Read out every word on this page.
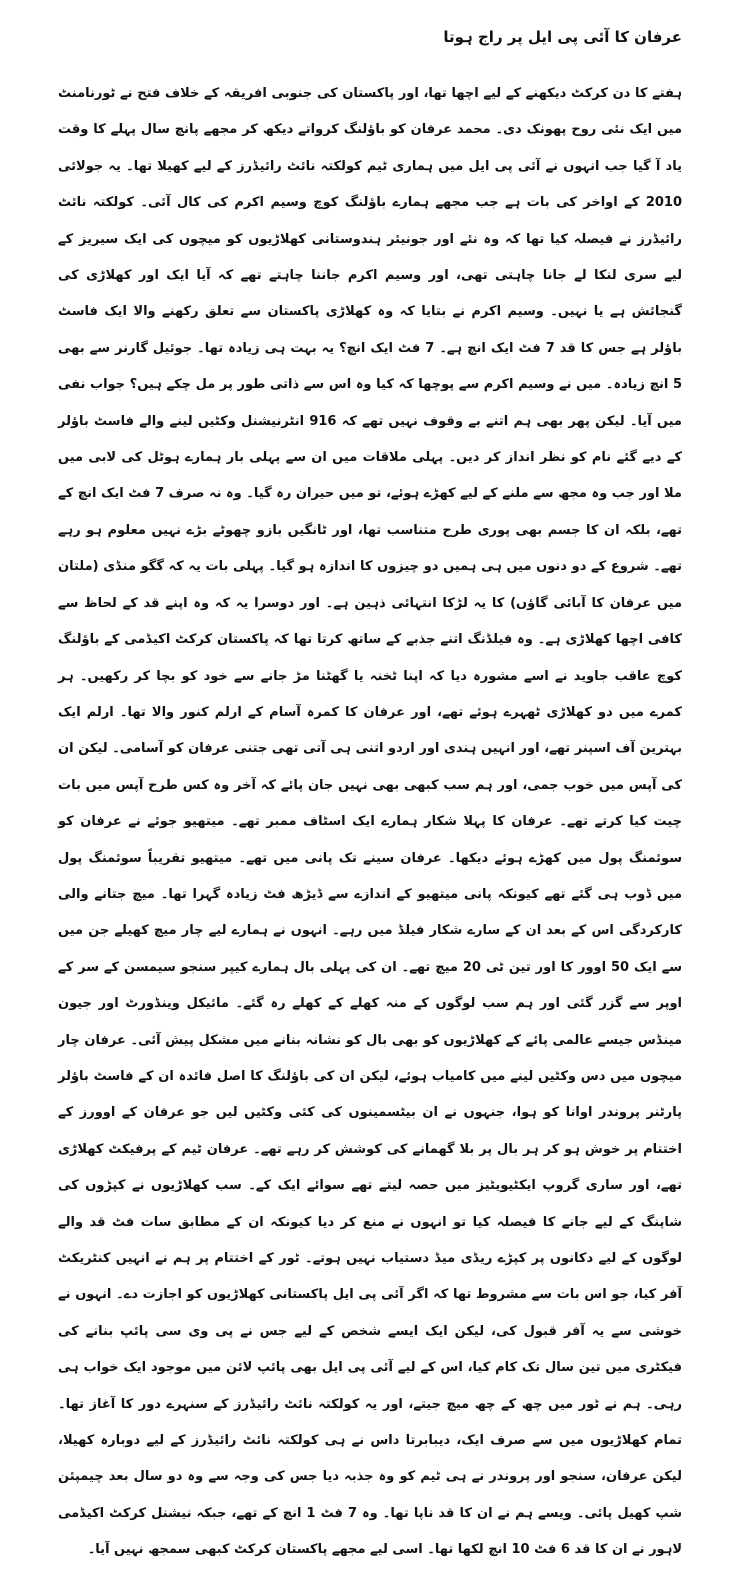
عرفان کا آئی پی ایل پر راج ہوتا

ہفتے کا دن کرکٹ دیکھنے کے لیے اچھا تھا، اور پاکستان کی جنوبی افریقہ کے خلاف فتح نے ٹورنامنٹ میں ایک نئی روح پھونک دی۔ محمد عرفان کو باؤلنگ کرواتے دیکھ کر مجھے پانچ سال پہلے کا وقت یاد آ گیا جب انہوں نے آئی پی ایل میں ہماری ٹیم کولکتہ نائٹ رائیڈرز کے لیے کھیلا تھا۔ یہ جولائی 2010 کے اواخر کی بات ہے جب مجھے ہمارے باؤلنگ کوچ وسیم اکرم کی کال آئی۔ کولکتہ نائٹ رائیڈرز نے فیصلہ کیا تھا کہ وہ نئے اور جونیئر ہندوستانی کھلاڑیوں کو میچوں کی ایک سیریز کے لیے سری لنکا لے جانا چاہتی تھی، اور وسیم اکرم جاننا چاہتے تھے کہ آیا ایک اور کھلاڑی کی گنجائش ہے یا نہیں۔ وسیم اکرم نے بتایا کہ وہ کھلاڑی پاکستان سے تعلق رکھنے والا ایک فاسٹ باؤلر ہے جس کا قد 7 فٹ ایک انچ ہے۔ 7 فٹ ایک انچ؟ یہ بہت ہی زیادہ تھا۔ جوئیل گارنر سے بھی 5 انچ زیادہ۔ میں نے وسیم اکرم سے پوچھا کہ کیا وہ اس سے ذاتی طور پر مل چکے ہیں؟ جواب نفی میں آیا۔ لیکن پھر بھی ہم اتنے بے وقوف نہیں تھے کہ 916 انٹرنیشنل وکٹیں لینے والے فاسٹ باؤلر کے دیے گئے نام کو نظر انداز کر دیں۔ پہلی ملاقات میں ان سے پہلی بار ہمارے ہوٹل کی لابی میں ملا اور جب وہ مجھ سے ملنے کے لیے کھڑے ہوئے، تو میں حیران رہ گیا۔ وہ نہ صرف 7 فٹ ایک انچ کے تھے، بلکہ ان کا جسم بھی پوری طرح متناسب تھا، اور ٹانگیں بازو چھوٹے بڑے نہیں معلوم ہو رہے تھے۔ شروع کے دو دنوں میں ہی ہمیں دو چیزوں کا اندازہ ہو گیا۔ پہلی بات یہ کہ گگو منڈی (ملتان میں عرفان کا آبائی گاؤں) کا یہ لڑکا انتہائی ذہین ہے۔ اور دوسرا یہ کہ وہ اپنے قد کے لحاظ سے کافی اچھا کھلاڑی ہے۔ وہ فیلڈنگ اتنے جذبے کے ساتھ کرتا تھا کہ پاکستان کرکٹ اکیڈمی کے باؤلنگ کوچ عاقب جاوید نے اسے مشورہ دیا کہ اپنا ٹخنہ یا گھٹنا مڑ جانے سے خود کو بچا کر رکھیں۔ ہر کمرے میں دو کھلاڑی ٹھہرے ہوئے تھے، اور عرفان کا کمرہ آسام کے ارلم کنور والا تھا۔ ارلم ایک بہترین آف اسپنر تھے، اور انہیں ہندی اور اردو اتنی ہی آتی تھی جتنی عرفان کو آسامی۔ لیکن ان کی آپس میں خوب جمی، اور ہم سب کبھی بھی نہیں جان پائے کہ آخر وہ کس طرح آپس میں بات چیت کیا کرتے تھے۔ عرفان کا پہلا شکار ہمارے ایک اسٹاف ممبر تھے۔ میتھیو جوئے نے عرفان کو سوئمنگ پول میں کھڑے ہوئے دیکھا۔ عرفان سینے تک پانی میں تھے۔ میتھیو تقریباً سوئمنگ پول میں ڈوب ہی گئے تھے کیونکہ پانی میتھیو کے اندازے سے ڈیڑھ فٹ زیادہ گہرا تھا۔ میچ جتانے والی کارکردگی اس کے بعد ان کے سارے شکار فیلڈ میں رہے۔ انہوں نے ہمارے لیے چار میچ کھیلے جن میں سے ایک 50 اوور کا اور تین ٹی 20 میچ تھے۔ ان کی پہلی بال ہمارے کیپر سنجو سیمسن کے سر کے اوپر سے گزر گئی اور ہم سب لوگوں کے منہ کھلے کے کھلے رہ گئے۔ مائیکل وینڈورٹ اور جیون مینڈس جیسے عالمی پائے کے کھلاڑیوں کو بھی بال کو نشانہ بنانے میں مشکل پیش آئی۔ عرفان چار میچوں میں دس وکٹیں لینے میں کامیاب ہوئے، لیکن ان کی باؤلنگ کا اصل فائدہ ان کے فاسٹ باؤلر پارٹنر پروندر اوانا کو ہوا، جنہوں نے ان بیٹسمینوں کی کئی وکٹیں لیں جو عرفان کے اوورز کے اختتام پر خوش ہو کر ہر بال پر بلا گھمانے کی کوشش کر رہے تھے۔ عرفان ٹیم کے پرفیکٹ کھلاڑی تھے، اور ساری گروپ ایکٹیویٹیز میں حصہ لیتے تھے سوائے ایک کے۔ سب کھلاڑیوں نے کپڑوں کی شاپنگ کے لیے جانے کا فیصلہ کیا تو انہوں نے منع کر دیا کیونکہ ان کے مطابق سات فٹ قد والے لوگوں کے لیے دکانوں پر کپڑے ریڈی میڈ دستیاب نہیں ہوتے۔ ٹور کے اختتام پر ہم نے انہیں کنٹریکٹ آفر کیا، جو اس بات سے مشروط تھا کہ اگر آئی پی ایل پاکستانی کھلاڑیوں کو اجازت دے۔ انہوں نے خوشی سے یہ آفر قبول کی، لیکن ایک ایسے شخص کے لیے جس نے پی وی سی پائپ بنانے کی فیکٹری میں تین سال تک کام کیا، اس کے لیے آئی پی ایل بھی پائپ لائن میں موجود ایک خواب ہی رہی۔ ہم نے ٹور میں چھ کے چھ میچ جیتے، اور یہ کولکتہ نائٹ رائیڈرز کے سنہرے دور کا آغاز تھا۔ تمام کھلاڑیوں میں سے صرف ایک، دیبابرتا داس نے ہی کولکتہ نائٹ رائیڈرز کے لیے دوبارہ کھیلا، لیکن عرفان، سنجو اور پروندر نے ہی ٹیم کو وہ جذبہ دیا جس کی وجہ سے وہ دو سال بعد چیمپئن شپ کھیل پائی۔ ویسے ہم نے ان کا قد ناپا تھا۔ وہ 7 فٹ 1 انچ کے تھے، جبکہ نیشنل کرکٹ اکیڈمی لاہور نے ان کا قد 6 فٹ 10 انچ لکھا تھا۔ اسی لیے مجھے پاکستان کرکٹ کبھی سمجھ نہیں آیا۔
